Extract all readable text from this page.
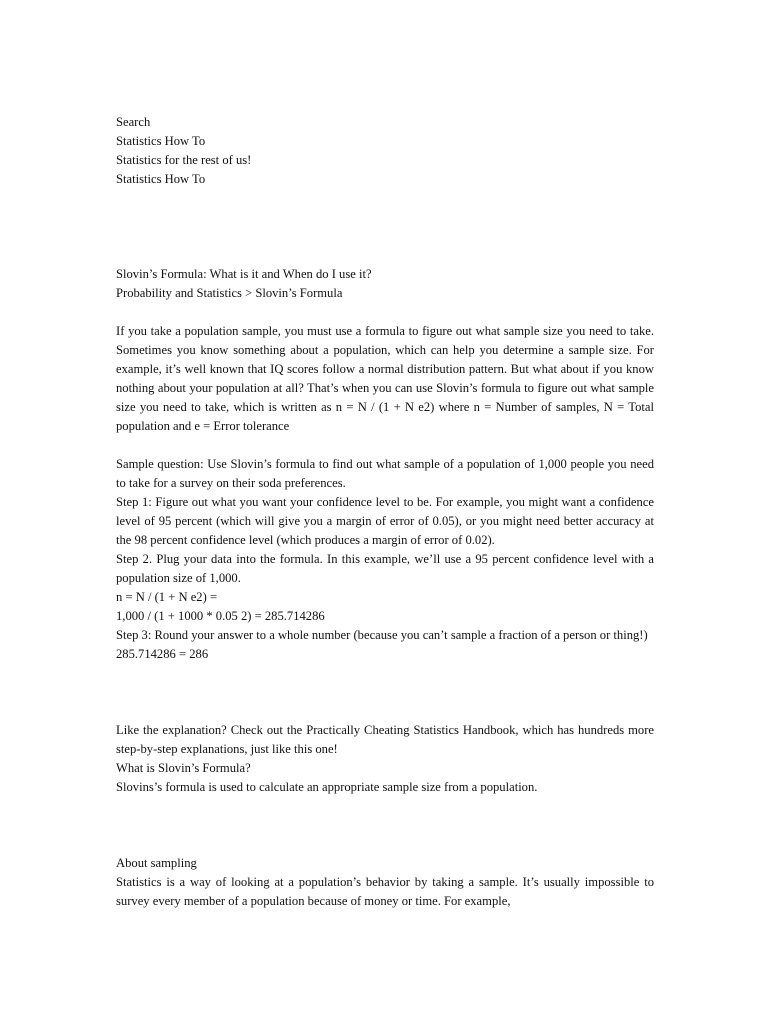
Search
Statistics How To
Statistics for the rest of us!
Statistics How To
Slovin’s Formula: What is it and When do I use it?
Probability and Statistics > Slovin’s Formula

If you take a population sample, you must use a formula to figure out what sample size you need to take. Sometimes you know something about a population, which can help you determine a sample size. For example, it’s well known that IQ scores follow a normal distribution pattern. But what about if you know nothing about your population at all? That’s when you can use Slovin’s formula to figure out what sample size you need to take, which is written as n = N / (1 + N e2) where n = Number of samples, N = Total population and e = Error tolerance

Sample question: Use Slovin’s formula to find out what sample of a population of 1,000 people you need to take for a survey on their soda preferences.

Step 1: Figure out what you want your confidence level to be. For example, you might want a confidence level of 95 percent (which will give you a margin of error of 0.05), or you might need better accuracy at the 98 percent confidence level (which produces a margin of error of 0.02).

Step 2. Plug your data into the formula. In this example, we’ll use a 95 percent confidence level with a population size of 1,000.

n = N / (1 + N e2) =
1,000 / (1 + 1000 * 0.05 2) = 285.714286

Step 3: Round your answer to a whole number (because you can’t sample a fraction of a person or thing!)

285.714286 = 286

Like the explanation? Check out the Practically Cheating Statistics Handbook, which has hundreds more step-by-step explanations, just like this one!

What is Slovin’s Formula?

Slovins’s formula is used to calculate an appropriate sample size from a population.

About sampling

Statistics is a way of looking at a population’s behavior by taking a sample. It’s usually impossible to survey every member of a population because of money or time. For example,
